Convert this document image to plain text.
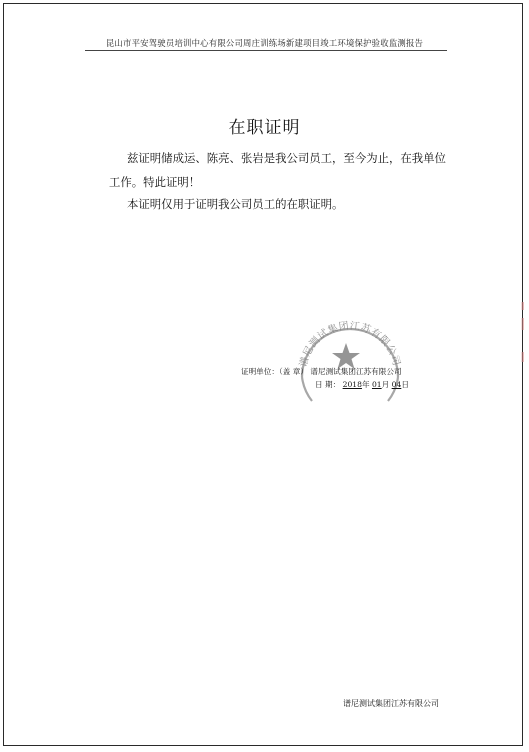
昆山市平安驾驶员培训中心有限公司周庄训练场新建项目竣工环境保护验收监测报告
在职证明
兹证明储成运、陈亮、张岩是我公司员工，至今为止，在我单位
工作。特此证明！
本证明仅用于证明我公司员工的在职证明。
谱尼测试集团江苏有限公司
证明单位：（盖 章） 谱尼测试集团江苏有限公司
日 期： 2018年 01月 04日
谱尼测试集团江苏有限公司
